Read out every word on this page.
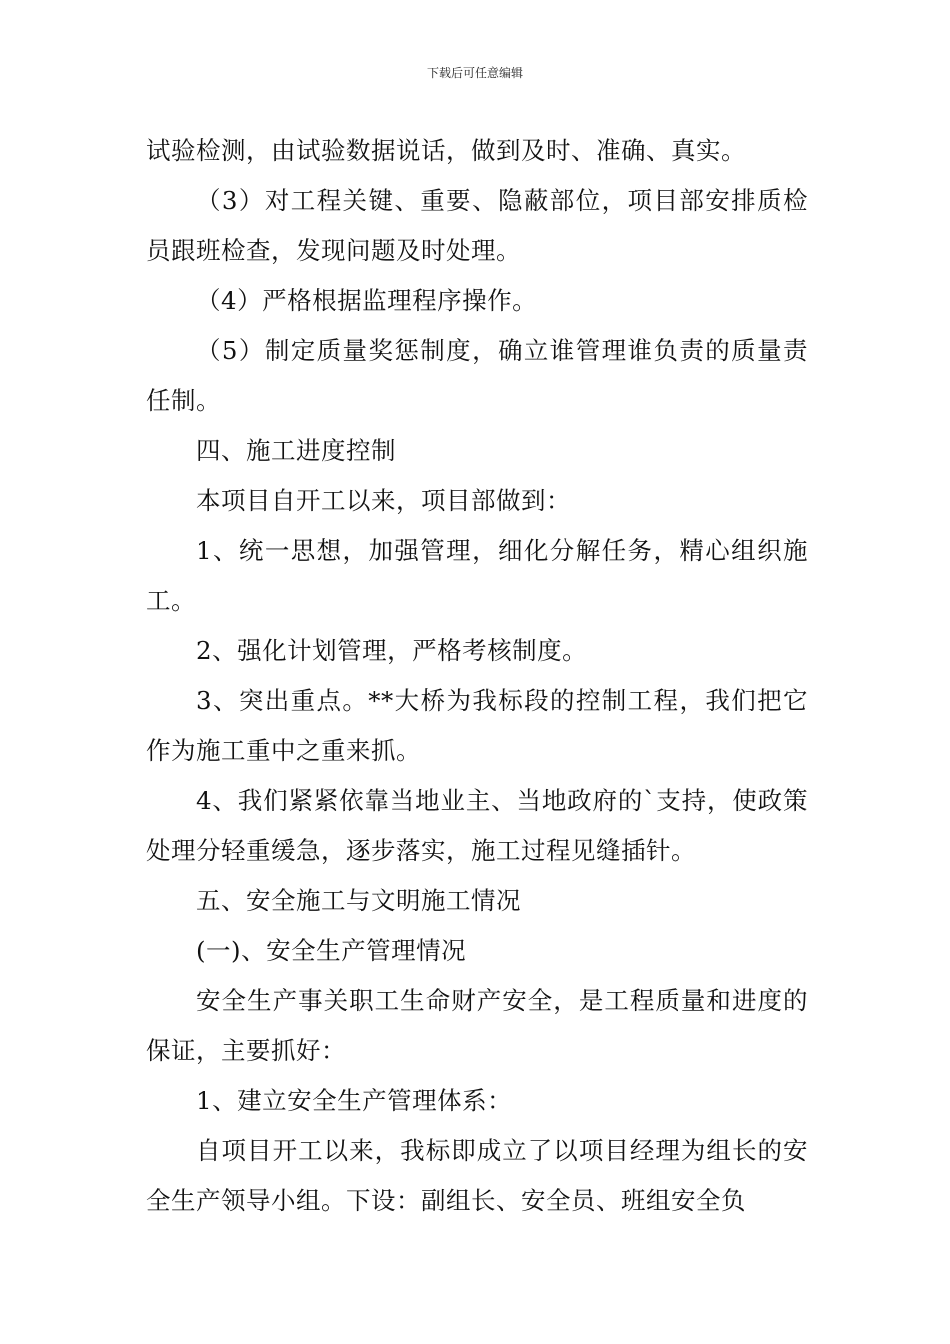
下载后可任意编辑

试验检测，由试验数据说话，做到及时、准确、真实。

（3）对工程关键、重要、隐蔽部位，项目部安排质检员跟班检查，发现问题及时处理。

（4）严格根据监理程序操作。

（5）制定质量奖惩制度，确立谁管理谁负责的质量责任制。

四、施工进度控制

本项目自开工以来，项目部做到：

1、统一思想，加强管理，细化分解任务，精心组织施工。

2、强化计划管理，严格考核制度。

3、突出重点。**大桥为我标段的控制工程，我们把它作为施工重中之重来抓。

4、我们紧紧依靠当地业主、当地政府的`支持，使政策处理分轻重缓急，逐步落实，施工过程见缝插针。

五、安全施工与文明施工情况

(一)、安全生产管理情况

安全生产事关职工生命财产安全，是工程质量和进度的保证，主要抓好：

1、建立安全生产管理体系：

自项目开工以来，我标即成立了以项目经理为组长的安全生产领导小组。下设：副组长、安全员、班组安全负
